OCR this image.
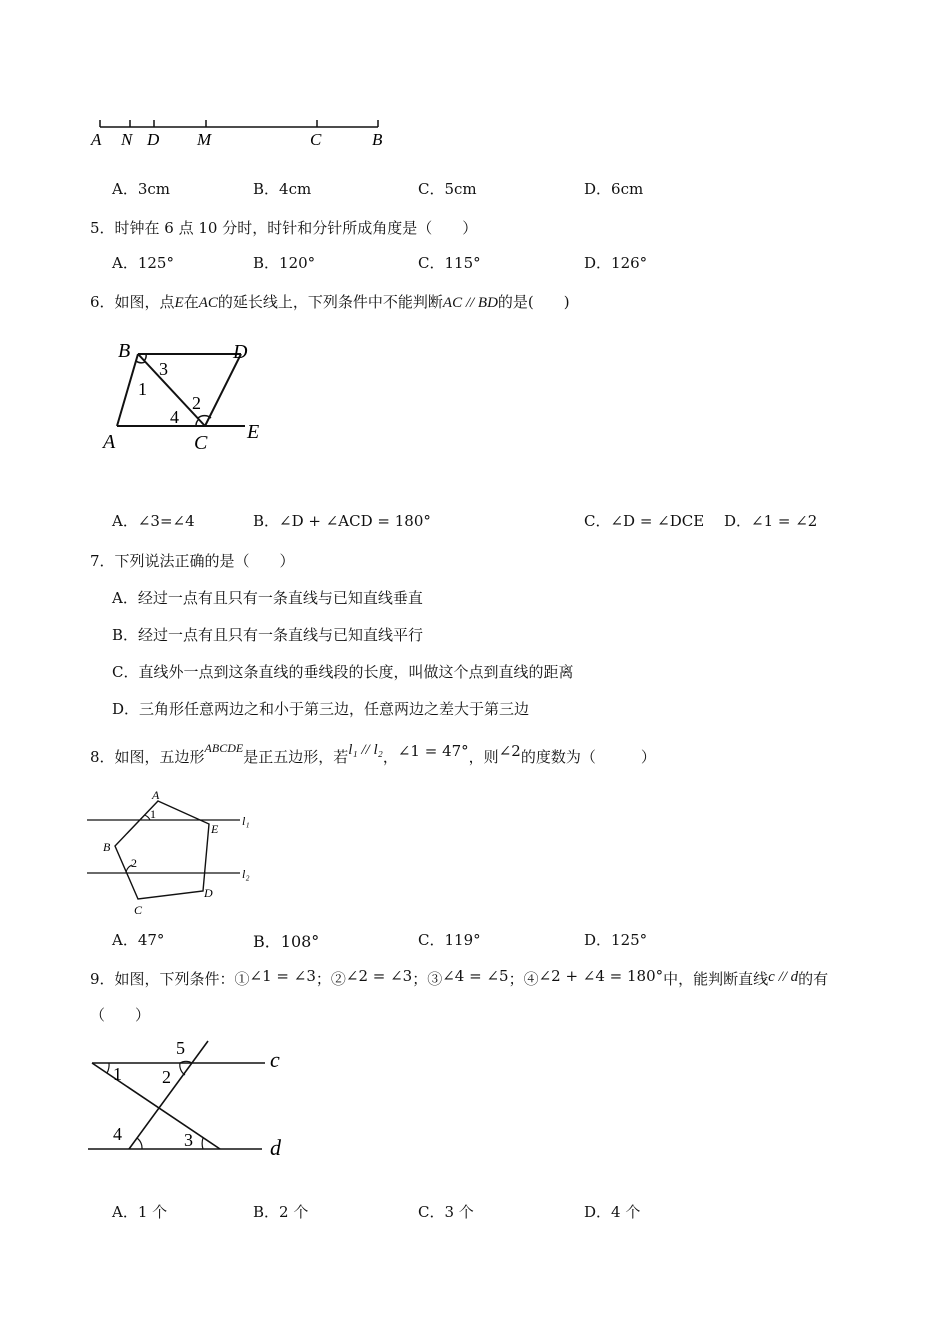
A N D M	C	B
A．3cm	B．4cm	C．5cm	D．6cm
5．时钟在 6 点 10 分时，时针和分针所成角度是（　　）
A．125°	B．120°	C．115°	D．126°
6．如图，点E在AC的延长线上，下列条件中不能判断AC // BD的是(　　)
B	D
A	C E
1
2
3
4
A．∠3=∠4	B．∠D + ∠ACD = 180°	C．∠D = ∠DCE D．∠1 = ∠2
7．下列说法正确的是（　　）
A．经过一点有且只有一条直线与已知直线垂直
B．经过一点有且只有一条直线与已知直线平行
C．直线外一点到这条直线的垂线段的长度，叫做这个点到直线的距离
D．三角形任意两边之和小于第三边，任意两边之差大于第三边
8．如图，五边形$^{ABCDE}$是正五边形，若l₁ // l₂，∠1 = 47°，则∠2的度数为（　　　）
A
B
C
D
E
1
2
l₁
l₂
A．47°	B．108°	C．119°	D．125°
9．如图，下列条件：①∠1 = ∠3；②∠2 = ∠3；③∠4 = ∠5；④∠2 + ∠4 = 180°中，能判断直线c // d的有
（　　）
1 2
3
4
5	c
d
A．1 个	B．2 个	C．3 个	D．4 个
